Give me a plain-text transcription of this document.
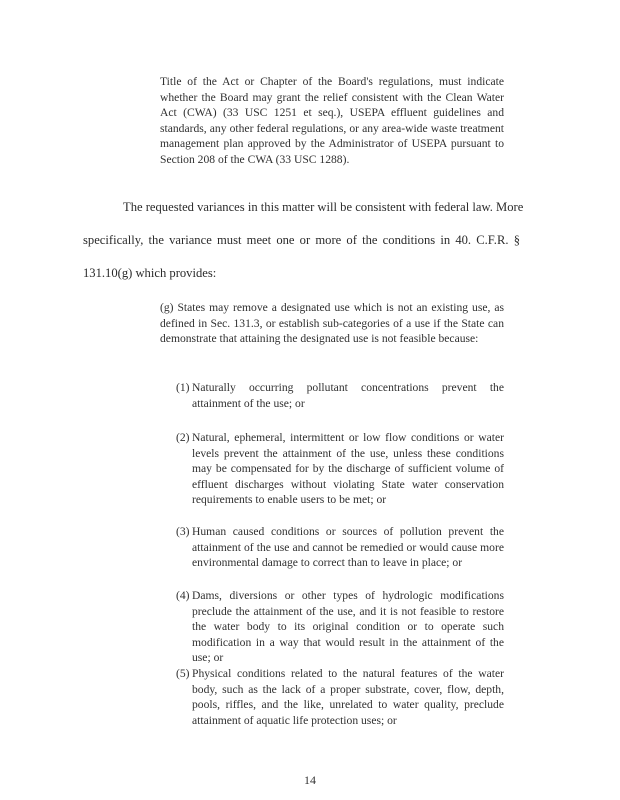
Title of the Act or Chapter of the Board's regulations, must indicate whether the Board may grant the relief consistent with the Clean Water Act (CWA) (33 USC 1251 et seq.), USEPA effluent guidelines and standards, any other federal regulations, or any area-wide waste treatment management plan approved by the Administrator of USEPA pursuant to Section 208 of the CWA (33 USC 1288).
The requested variances in this matter will be consistent with federal law. More
specifically, the variance must meet one or more of the conditions in 40. C.F.R. §
131.10(g) which provides:
(g) States may remove a designated use which is not an existing use, as defined in Sec. 131.3, or establish sub-categories of a use if the State can demonstrate that attaining the designated use is not feasible because:
(1) Naturally occurring pollutant concentrations prevent the attainment of the use; or
(2) Natural, ephemeral, intermittent or low flow conditions or water levels prevent the attainment of the use, unless these conditions may be compensated for by the discharge of sufficient volume of effluent discharges without violating State water conservation requirements to enable users to be met; or
(3) Human caused conditions or sources of pollution prevent the attainment of the use and cannot be remedied or would cause more environmental damage to correct than to leave in place; or
(4) Dams, diversions or other types of hydrologic modifications preclude the attainment of the use, and it is not feasible to restore the water body to its original condition or to operate such modification in a way that would result in the attainment of the use; or
(5) Physical conditions related to the natural features of the water body, such as the lack of a proper substrate, cover, flow, depth, pools, riffles, and the like, unrelated to water quality, preclude attainment of aquatic life protection uses; or
14
